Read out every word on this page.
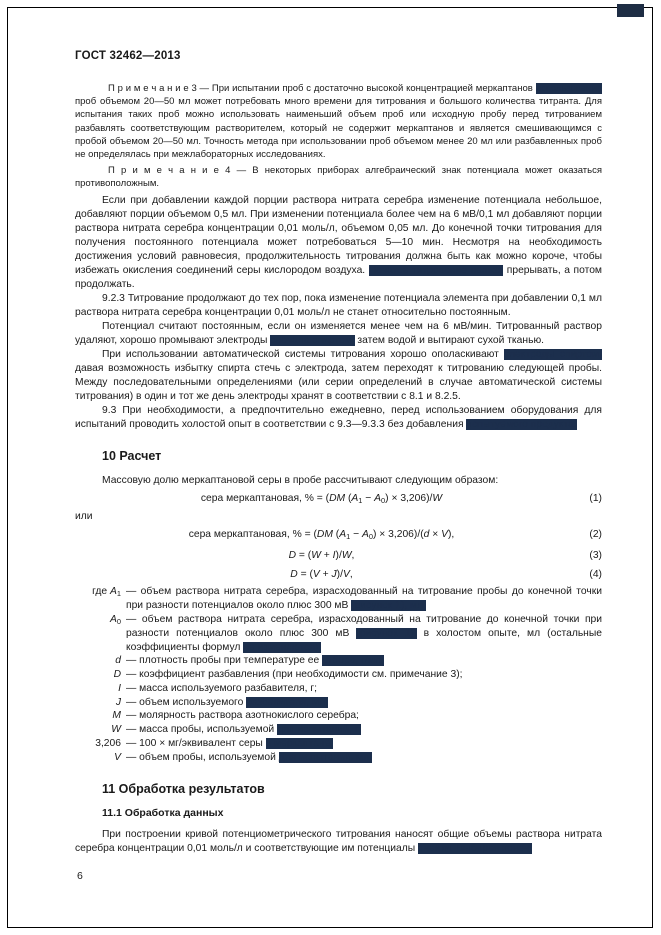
ГОСТ 32462—2013
П р и м е ч а н и е 3 — При испытании проб с достаточно высокой концентрацией меркаптанов использование проб объемом 20—50 мл может потребовать много времени для титрования и большого количества титранта. Для испытания таких проб можно использовать наименьший объем проб или исходную пробу перед титрованием разбавлять соответствующим растворителем, который не содержит меркаптанов и является смешивающимся с пробой объемом 20—50 мл. Точность метода при использовании проб объемом менее 20 мл или разбавленных проб не определялась при межлабораторных исследованиях.
П р и м е ч а н и е 4 — В некоторых приборах алгебраический знак потенциала может оказаться противоположным.
Если при добавлении каждой порции раствора нитрата серебра изменение потенциала небольшое, добавляют порции объемом 0,5 мл. При изменении потенциала более чем на 6 мВ/0,1 мл добавляют порции раствора нитрата серебра концентрации 0,01 моль/л, объемом 0,05 мл. До конечной точки титрования для получения постоянного потенциала может потребоваться 5—10 мин. Несмотря на необходимость достижения условий равновесия, продолжительность титрования должна быть как можно короче, чтобы избежать окисления соединений серы кислородом воздуха. Начатое титрование нельзя прерывать, а потом продолжать.
9.2.3 Титрование продолжают до тех пор, пока изменение потенциала элемента при добавлении 0,1 мл раствора нитрата серебра концентрации 0,01 моль/л не станет относительно постоянным.
Потенциал считают постоянным, если он изменяется менее чем на 6 мВ/мин. Титрованный раствор удаляют, хорошо промывают электроды сначала спиртом, затем водой и вытирают сухой тканью.
При использовании автоматической системы титрования хорошо ополаскивают электроды спиртом, давая возможность избытку спирта стечь с электрода, затем переходят к титрованию следующей пробы. Между последовательными определениями (или серии определений в случае автоматической системы титрования) в один и тот же день электроды хранят в соответствии с 8.1 и 8.2.5.
9.3 При необходимости, а предпочтительно ежедневно, перед использованием оборудования для испытаний проводить холостой опыт в соответствии с 9.3—9.3.3 без добавления испытуемого продукта.
10 Расчет
Массовую долю меркаптановой серы в пробе рассчитывают следующим образом:
сера меркаптановая, % = (DM (A1 − A0) × 3,206)/W	(1)
или
сера меркаптановая, % = (DM (A1 − A0) × 3,206)/(d × V),	(2)
D = (W + I)/W,	(3)
D = (V + J)/V,	(4)
где A1 — объем раствора нитрата серебра, израсходованный на титрование пробы до конечной точки при разности потенциалов около плюс 300 мВ (рисунок 1), мл;
A0 — объем раствора нитрата серебра, израсходованный на титрование до конечной точки при разности потенциалов около плюс 300 мВ (рисунок 1), в холостом опыте, мл (остальные коэффициенты формул не изменяются);
d — плотность пробы при температуре ее отбора, г/мл;
D — коэффициент разбавления (при необходимости см. примечание 3);
I — масса используемого разбавителя, г;
J — объем используемого разбавителя, мл;
M — молярность раствора азотнокислого серебра;
W — масса пробы, используемой для испытаний, г;
3,206 — 100 × мг/эквивалент серы в меркаптане;
V — объем пробы, используемой для испытаний, мл.
11 Обработка результатов
11.1 Обработка данных
При построении кривой потенциометрического титрования наносят общие объемы раствора нитрата серебра концентрации 0,01 моль/л и соответствующие им потенциалы ячейки. Выбирая конеч-
6
